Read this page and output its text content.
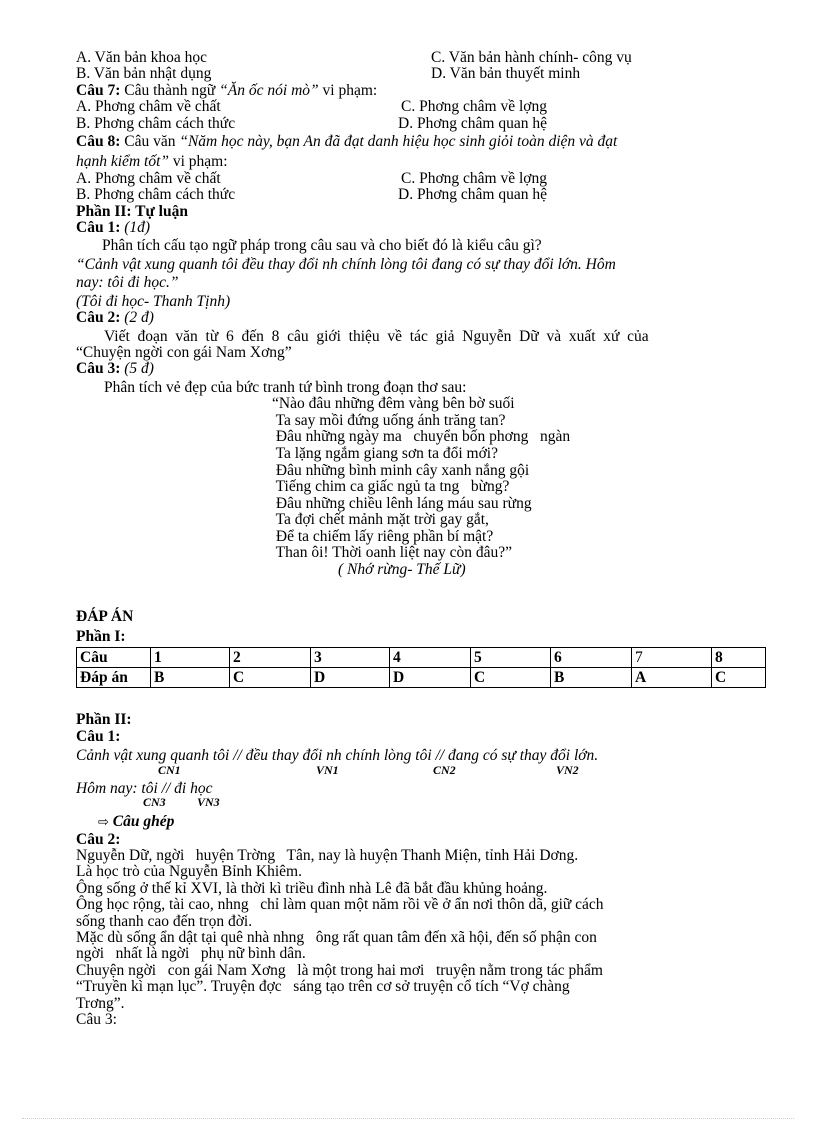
A. Văn bản khoa học	C. Văn bản hành chính- công vụ
B. Văn bản nhật dụng	D. Văn bản thuyết minh
Câu 7: Câu thành ngữ “Ăn ốc nói mò” vi phạm:
A. Phơng châm về chất	C. Phơng châm về lợng
B. Phơng châm cách thức	D. Phơng châm quan hệ
Câu 8: Câu văn “Năm học này, bạn An đã đạt danh hiệu học sinh giỏi toàn diện và đạt
hạnh kiểm tốt” vi phạm:
A. Phơng châm về chất	C. Phơng châm về lợng
B. Phơng châm cách thức	D. Phơng châm quan hệ
Phần II: Tự luận
Câu 1: (1đ)
Phân tích cấu tạo ngữ pháp trong câu sau và cho biết đó là kiểu câu gì?
“Cảnh vật xung quanh tôi đều thay đổi nh chính lòng tôi đang có sự thay đổi lớn. Hôm
nay: tôi đi học.”
(Tôi đi học- Thanh Tịnh)
Câu 2: (2 đ)
Viết  đoạn  văn  từ  6  đến  8  câu  giới  thiệu  về  tác  giả  Nguyễn  Dữ  và  xuất  xứ  của
“Chuyện ngời con gái Nam Xơng”
Câu 3: (5 đ)
Phân tích vẻ đẹp của bức tranh tứ bình trong đoạn thơ sau:
“Nào đâu những đêm vàng bên bờ suối
Ta say mồi đứng uống ánh trăng tan?
Đâu những ngày ma   chuyển bốn phơng   ngàn
Ta lặng ngắm giang sơn ta đổi mới?
Đâu những bình minh cây xanh nắng gội
Tiếng chim ca giấc ngủ ta tng   bừng?
Đâu những chiều lênh láng máu sau rừng
Ta đợi chết mảnh mặt trời gay gắt,
Để ta chiếm lấy riêng phần bí mật?
Than ôi! Thời oanh liệt nay còn đâu?”
( Nhớ rừng- Thế Lữ)
ĐÁP ÁN
Phần I:
Câu	1	2	3	4	5	6	7	8
Đáp án	B	C	D	D	C	B	A	C
Phần II:
Câu 1:
Cảnh vật xung quanh tôi // đều thay đổi nh chính lòng tôi // đang có sự thay đổi lớn.
CN1	VN1	CN2	VN2
Hôm nay: tôi // đi học
CN3	VN3
⇨ Câu ghép
Câu 2:
Nguyễn Dữ, ngời   huyện Trờng   Tân, nay là huyện Thanh Miện, tỉnh Hải Dơng.
Là học trò của Nguyễn Bỉnh Khiêm.
Ông sống ở thế kỉ XVI, là thời kì triều đình nhà Lê đã bắt đầu khủng hoảng.
Ông học rộng, tài cao, nhng   chỉ làm quan một năm rồi về ở ẩn nơi thôn dã, giữ cách
sống thanh cao đến trọn đời.
Mặc dù sống ẩn dật tại quê nhà nhng   ông rất quan tâm đến xã hội, đến số phận con
ngời   nhất là ngời   phụ nữ bình dân.
Chuyện ngời   con gái Nam Xơng   là một trong hai mơi   truyện nằm trong tác phẩm
“Truyền kì mạn lục”. Truyện đợc   sáng tạo trên cơ sở truyện cổ tích “Vợ chàng
Trơng”.
Câu 3:
